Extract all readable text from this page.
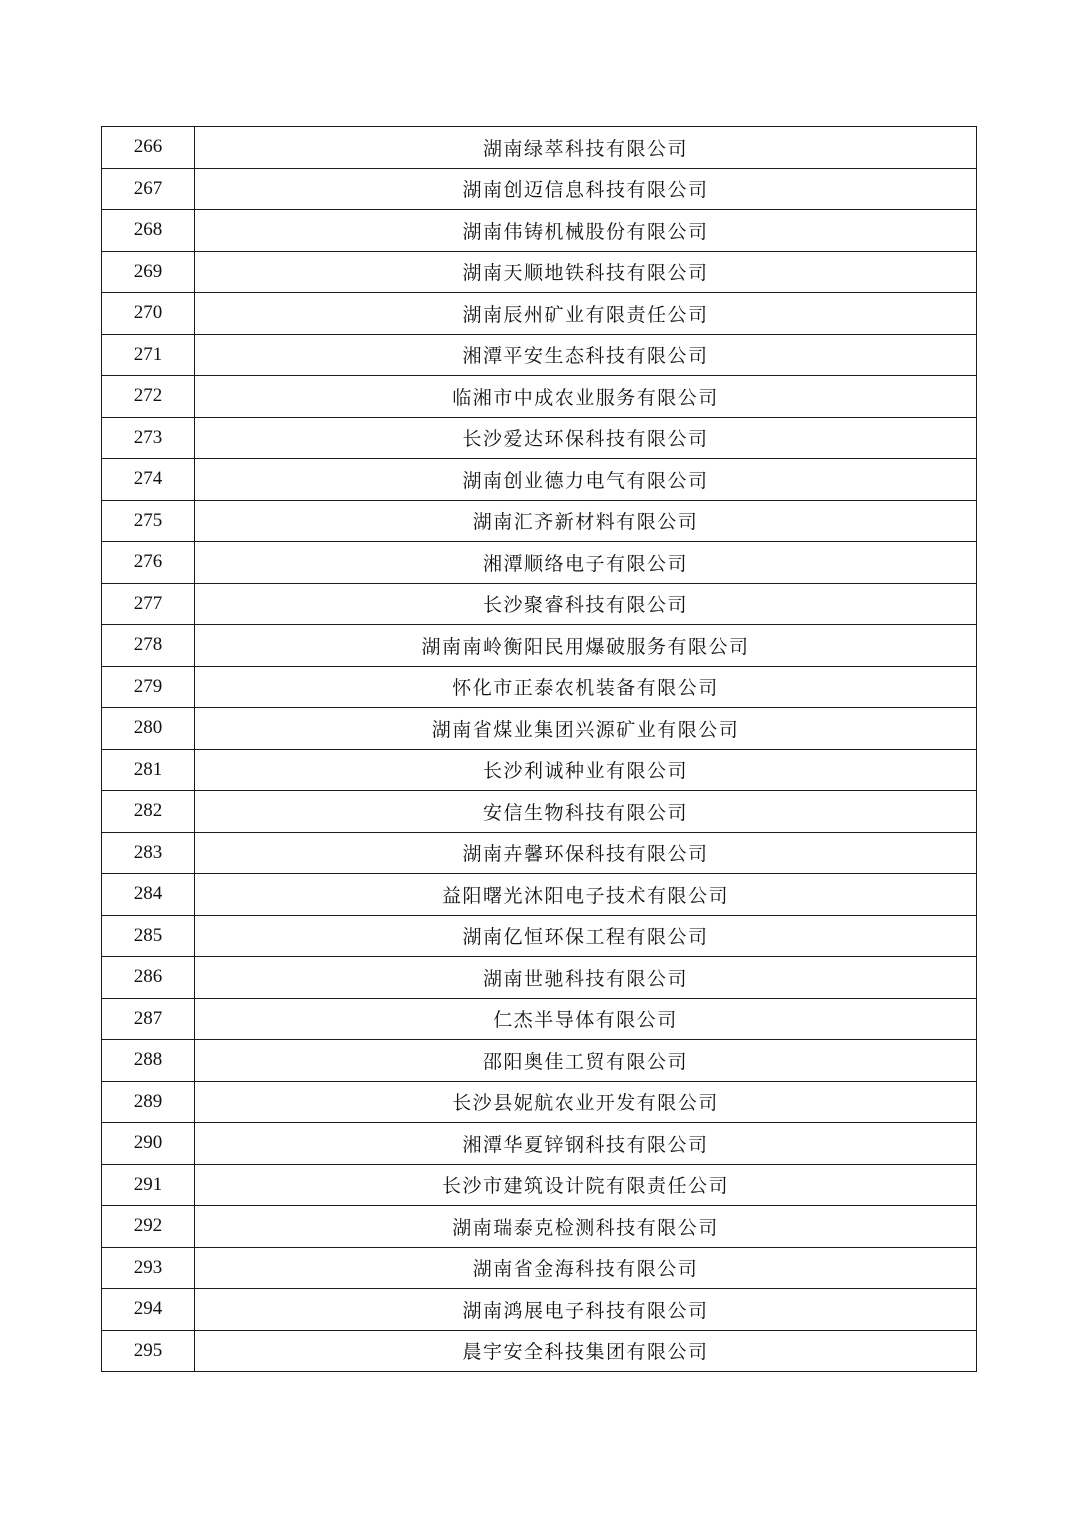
266	湖南绿萃科技有限公司
267	湖南创迈信息科技有限公司
268	湖南伟铸机械股份有限公司
269	湖南天顺地铁科技有限公司
270	湖南辰州矿业有限责任公司
271	湘潭平安生态科技有限公司
272	临湘市中成农业服务有限公司
273	长沙爱达环保科技有限公司
274	湖南创业德力电气有限公司
275	湖南汇齐新材料有限公司
276	湘潭顺络电子有限公司
277	长沙聚睿科技有限公司
278	湖南南岭衡阳民用爆破服务有限公司
279	怀化市正泰农机装备有限公司
280	湖南省煤业集团兴源矿业有限公司
281	长沙利诚种业有限公司
282	安信生物科技有限公司
283	湖南卉馨环保科技有限公司
284	益阳曙光沐阳电子技术有限公司
285	湖南亿恒环保工程有限公司
286	湖南世驰科技有限公司
287	仁杰半导体有限公司
288	邵阳奥佳工贸有限公司
289	长沙县妮航农业开发有限公司
290	湘潭华夏锌钢科技有限公司
291	长沙市建筑设计院有限责任公司
292	湖南瑞泰克检测科技有限公司
293	湖南省金海科技有限公司
294	湖南鸿展电子科技有限公司
295	晨宇安全科技集团有限公司
